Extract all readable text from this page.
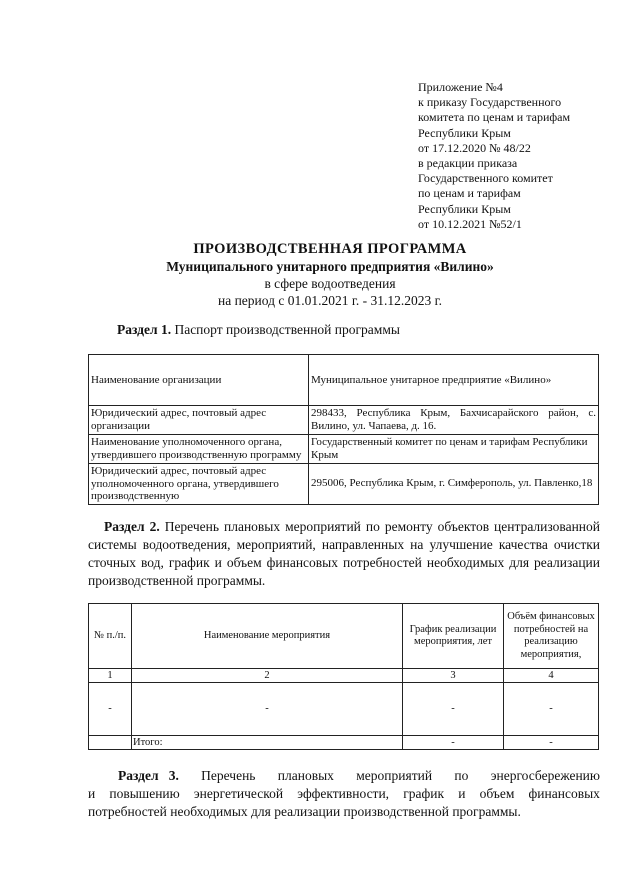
Приложение №4
к приказу Государственного
комитета по ценам и тарифам
Республики Крым
от 17.12.2020 № 48/22
в редакции приказа
Государственного комитет
по ценам и тарифам
Республики Крым
от 10.12.2021 №52/1
ПРОИЗВОДСТВЕННАЯ ПРОГРАММА
Муниципального унитарного предприятия «Вилино»
в сфере водоотведения
на период с 01.01.2021 г. - 31.12.2023 г.
Раздел 1. Паспорт производственной программы
Наименование организации	Муниципальное унитарное предприятие «Вилино»
Юридический адрес, почтовый адрес организации	298433, Республика Крым, Бахчисарайского район, с. Вилино, ул. Чапаева, д. 16.
Наименование уполномоченного органа, утвердившего производственную программу	Государственный комитет по ценам и тарифам Республики Крым
Юридический адрес, почтовый адрес уполномоченного органа, утвердившего производственную	295006, Республика Крым, г. Симферополь, ул. Павленко,18
Раздел 2. Перечень плановых мероприятий по ремонту объектов централизованной системы водоотведения, мероприятий, направленных на улучшение качества очистки сточных вод, график и объем финансовых потребностей необходимых для реализации производственной программы.
№ п./п.	Наименование мероприятия	График реализации мероприятия, лет	Объём финансовых потребностей на реализацию мероприятия,
1	2	3	4
-	-	-	-
	Итого:	-	-
Раздел 3. Перечень плановых мероприятий по энергосбережению
и повышению энергетической эффективности, график и объем финансовых
потребностей необходимых для реализации производственной программы.
